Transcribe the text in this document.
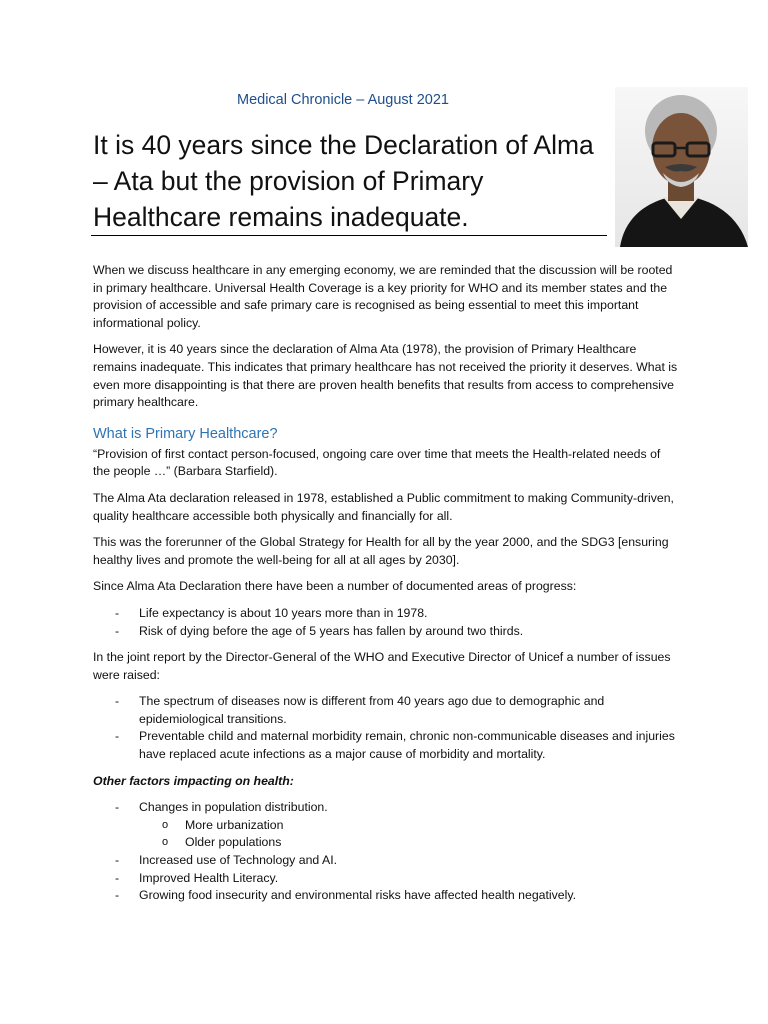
Medical Chronicle – August 2021
It is 40 years since the Declaration of Alma – Ata but the provision of Primary Healthcare remains inadequate.

When we discuss healthcare in any emerging economy, we are reminded that the discussion will be rooted in primary healthcare. Universal Health Coverage is a key priority for WHO and its member states and the provision of accessible and safe primary care is recognised as being essential to meet this important informational policy.

However, it is 40 years since the declaration of Alma Ata (1978), the provision of Primary Healthcare remains inadequate. This indicates that primary healthcare has not received the priority it deserves. What is even more disappointing is that there are proven health benefits that results from access to comprehensive primary healthcare.

What is Primary Healthcare?

“Provision of first contact person-focused, ongoing care over time that meets the Health-related needs of the people …” (Barbara Starfield).

The Alma Ata declaration released in 1978, established a Public commitment to making Community-driven, quality healthcare accessible both physically and financially for all.

This was the forerunner of the Global Strategy for Health for all by the year 2000, and the SDG3 [ensuring healthy lives and promote the well-being for all at all ages by 2030].

Since Alma Ata Declaration there have been a number of documented areas of progress:

- Life expectancy is about 10 years more than in 1978.
- Risk of dying before the age of 5 years has fallen by around two thirds.

In the joint report by the Director-General of the WHO and Executive Director of Unicef a number of issues were raised:

- The spectrum of diseases now is different from 40 years ago due to demographic and epidemiological transitions.
- Preventable child and maternal morbidity remain, chronic non-communicable diseases and injuries have replaced acute infections as a major cause of morbidity and mortality.

Other factors impacting on health:

- Changes in population distribution.
o More urbanization
o Older populations
- Increased use of Technology and AI.
- Improved Health Literacy.
- Growing food insecurity and environmental risks have affected health negatively.
